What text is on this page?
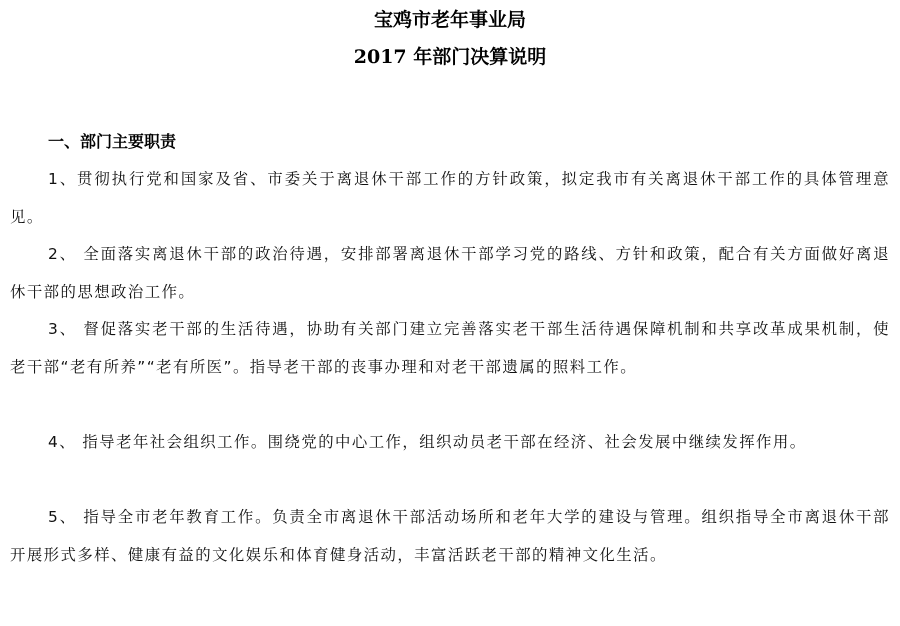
宝鸡市老年事业局
2017 年部门决算说明
一、部门主要职责

1、贯彻执行党和国家及省、市委关于离退休干部工作的方针政策，拟定我市有关离退休干部工作的具体管理意见。

2、 全面落实离退休干部的政治待遇，安排部署离退休干部学习党的路线、方针和政策，配合有关方面做好离退休干部的思想政治工作。

3、 督促落实老干部的生活待遇，协助有关部门建立完善落实老干部生活待遇保障机制和共享改革成果机制，使老干部“老有所养”“老有所医”。指导老干部的丧事办理和对老干部遗属的照料工作。

4、 指导老年社会组织工作。围绕党的中心工作，组织动员老干部在经济、社会发展中继续发挥作用。

5、 指导全市老年教育工作。负责全市离退休干部活动场所和老年大学的建设与管理。组织指导全市离退休干部开展形式多样、健康有益的文化娱乐和体育健身活动，丰富活跃老干部的精神文化生活。
